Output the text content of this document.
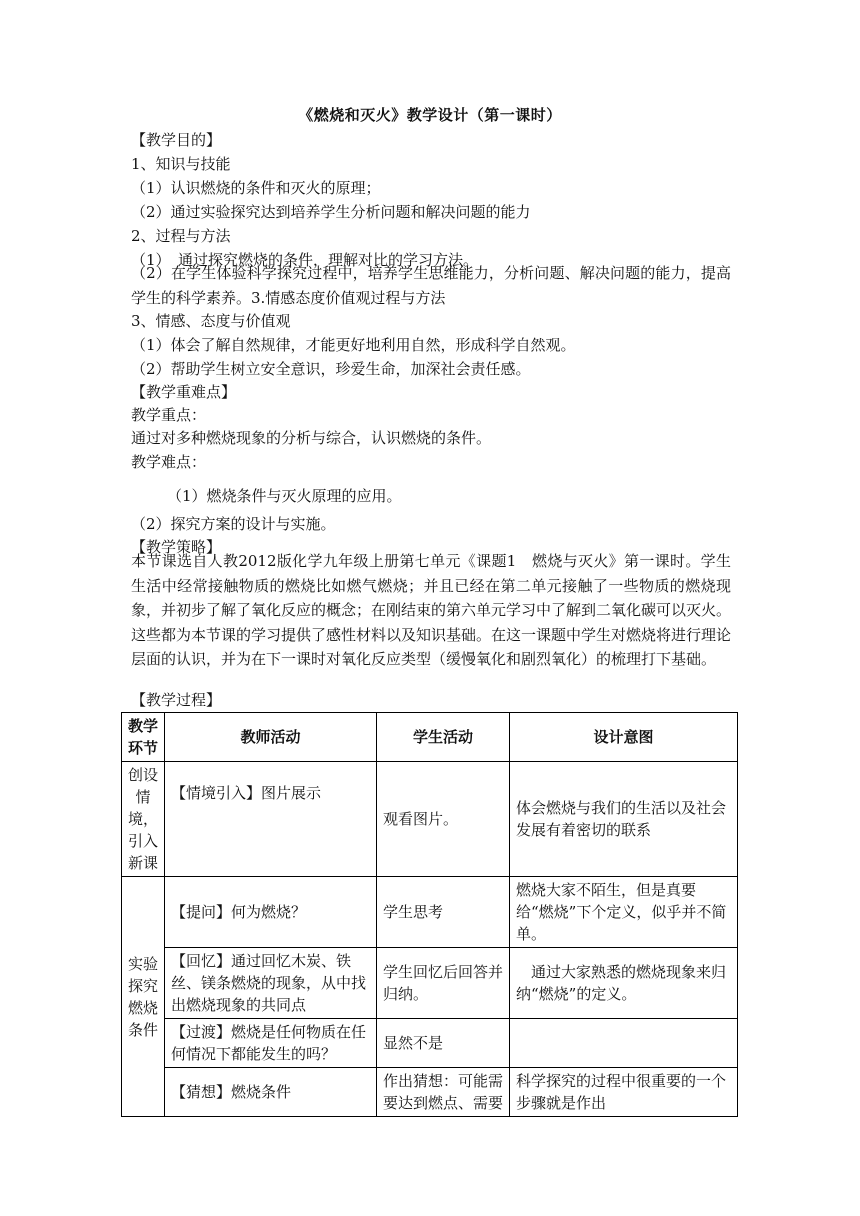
《燃烧和灭火》教学设计（第一课时）
【教学目的】
1、知识与技能
（1）认识燃烧的条件和灭火的原理；
（2）通过实验探究达到培养学生分析问题和解决问题的能力
2、过程与方法
（1）　通过探究燃烧的条件，理解对比的学习方法。
（2）在学生体验科学探究过程中，培养学生思维能力，分析问题、解决问题的能力，提高学生的科学素养。3.情感态度价值观过程与方法
3、情感、态度与价值观
（1）体会了解自然规律，才能更好地利用自然，形成科学自然观。
（2）帮助学生树立安全意识，珍爱生命，加深社会责任感。
【教学重难点】
教学重点：
通过对多种燃烧现象的分析与综合，认识燃烧的条件。
教学难点：
（1）燃烧条件与灭火原理的应用。
（2）探究方案的设计与实施。
【教学策略】
本节课选自人教2012版化学九年级上册第七单元《课题1　燃烧与灭火》第一课时。学生生活中经常接触物质的燃烧比如燃气燃烧；并且已经在第二单元接触了一些物质的燃烧现象，并初步了解了氧化反应的概念；在刚结束的第六单元学习中了解到二氧化碳可以灭火。这些都为本节课的学习提供了感性材料以及知识基础。在这一课题中学生对燃烧将进行理论层面的认识，并为在下一课时对氧化反应类型（缓慢氧化和剧烈氧化）的梳理打下基础。
【教学过程】
教学环节	教师活动	学生活动	设计意图
创设情境，引入新课	【情境引入】图片展示	观看图片。	体会燃烧与我们的生活以及社会发展有着密切的联系
实验探究燃烧条件	【提问】何为燃烧？	学生思考	燃烧大家不陌生，但是真要给“燃烧”下个定义，似乎并不简单。
	【回忆】通过回忆木炭、铁丝、镁条燃烧的现象，从中找出燃烧现象的共同点	学生回忆后回答并归纳。	　通过大家熟悉的燃烧现象来归纳“燃烧”的定义。
	【过渡】燃烧是任何物质在任何情况下都能发生的吗？	显然不是	
	【猜想】燃烧条件	作出猜想：可能需要达到燃点、需要	科学探究的过程中很重要的一个步骤就是作出
